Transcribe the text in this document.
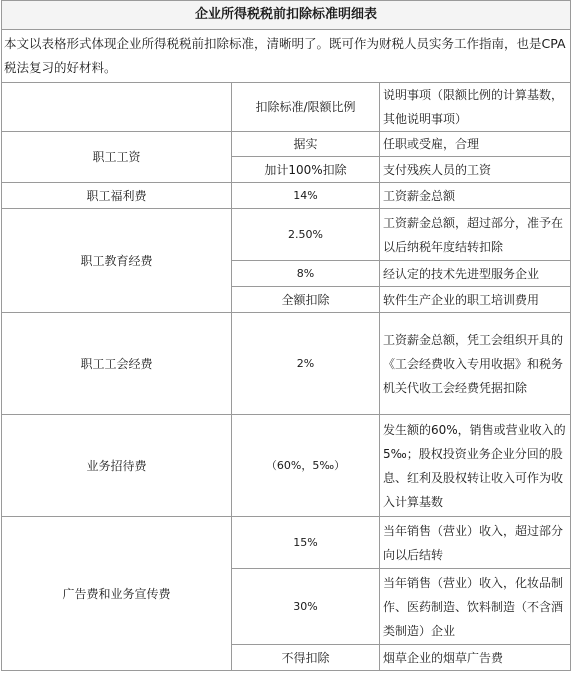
企业所得税税前扣除标准明细表		
本文以表格形式体现企业所得税税前扣除标准，清晰明了。既可作为财税人员实务工作指南，也是CPA税法复习的好材料。		
	扣除标准/限额比例	说明事项（限额比例的计算基数，其他说明事项）
职工工资	据实	任职或受雇，合理
	加计100%扣除	支付残疾人员的工资
职工福利费	14%	工资薪金总额
职工教育经费	2.50%	工资薪金总额，超过部分，准予在以后纳税年度结转扣除
	8%	经认定的技术先进型服务企业
	全额扣除	软件生产企业的职工培训费用
职工工会经费	2%	工资薪金总额，凭工会组织开具的《工会经费收入专用收据》和税务机关代收工会经费凭据扣除
业务招待费	（60%，5‰）	发生额的60%，销售或营业收入的5‰；股权投资业务企业分回的股息、红利及股权转让收入可作为收入计算基数
广告费和业务宣传费	15%	当年销售（营业）收入，超过部分向以后结转
	30%	当年销售（营业）收入，化妆品制作、医药制造、饮料制造（不含酒类制造）企业
	不得扣除	烟草企业的烟草广告费
